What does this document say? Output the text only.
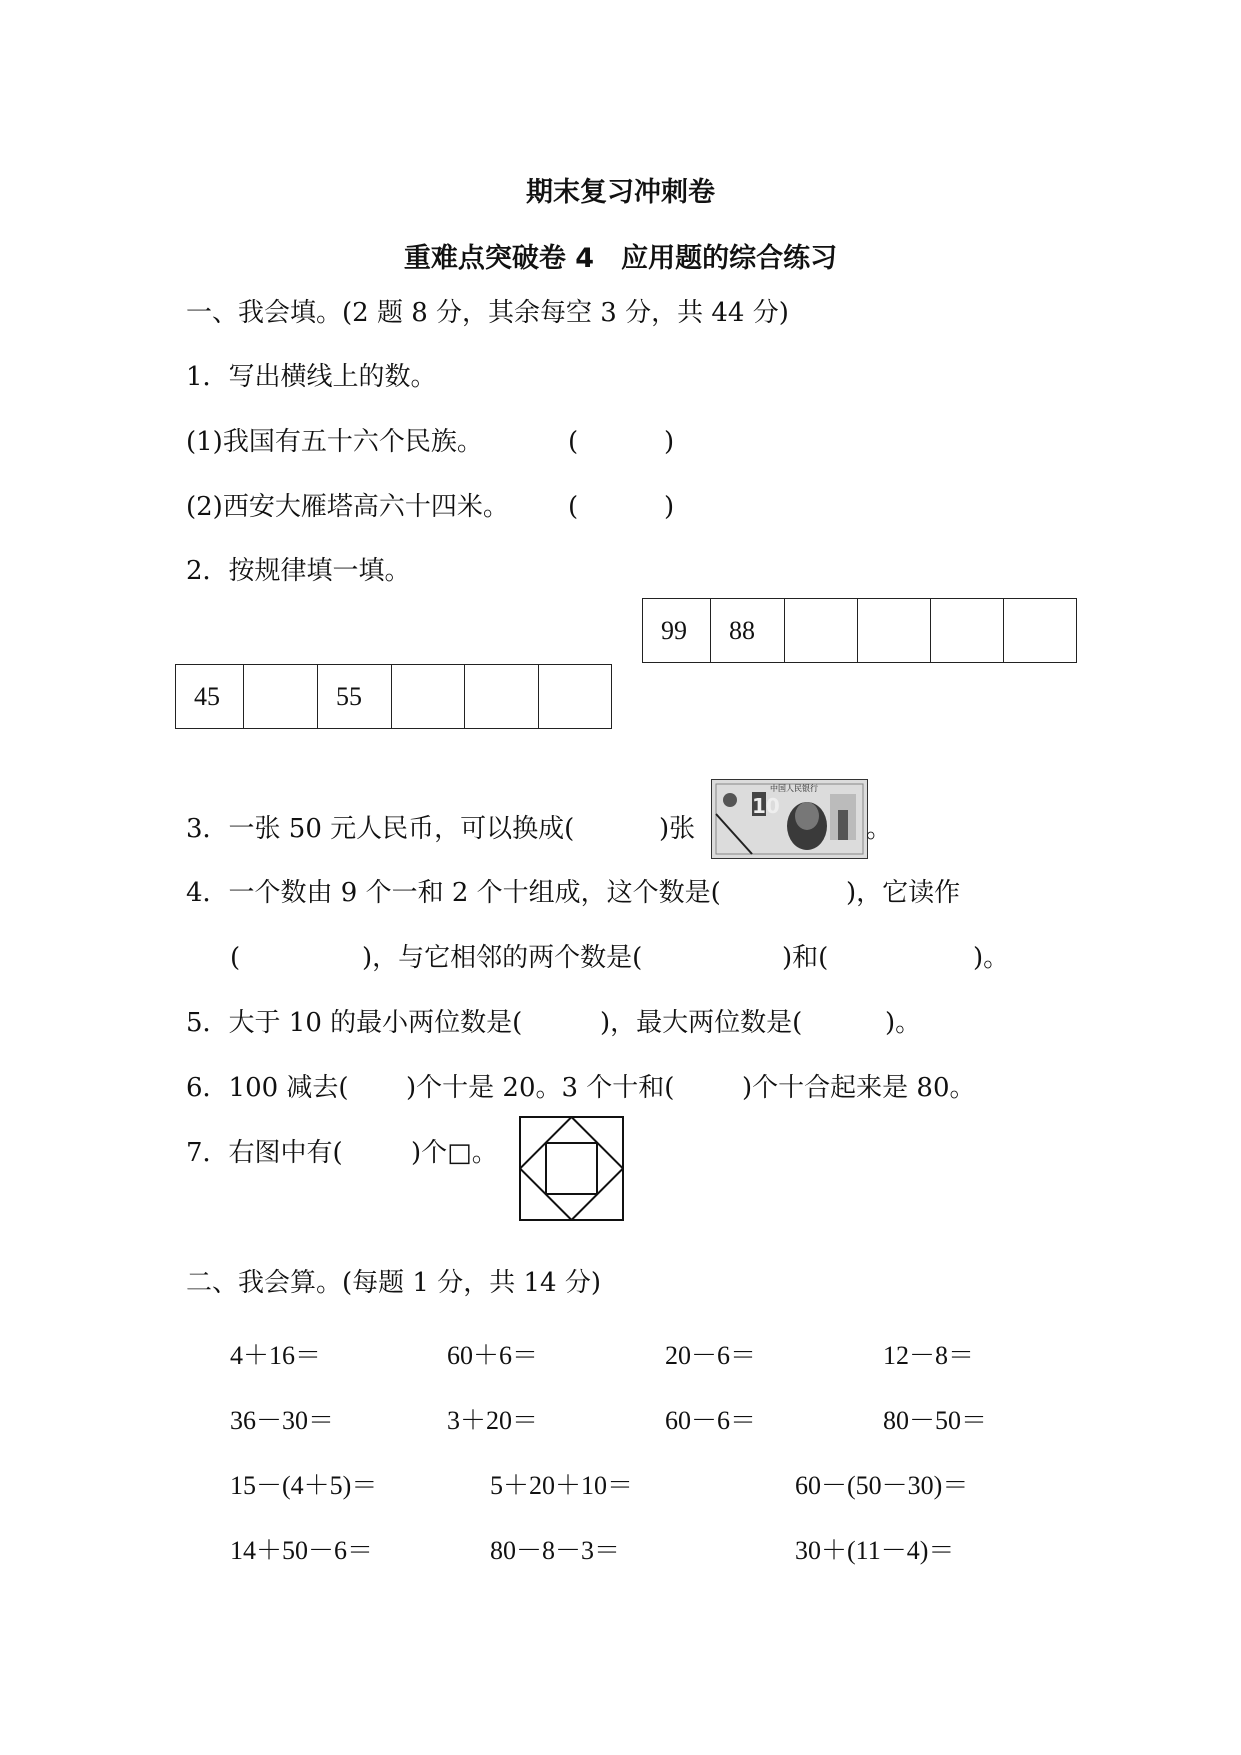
期末复习冲刺卷
重难点突破卷 4　应用题的综合练习
一、我会填。(2 题 8 分，其余每空 3 分，共 44 分)
1．写出横线上的数。
(1)我国有五十六个民族。	(	)
(2)西安大雁塔高六十四米。 (	)
2．按规律填一填。
99	88				
45		55			
3．一张 50 元人民币，可以换成(	)张
中国人民银行
10
。
4．一个数由 9 个一和 2 个十组成，这个数是(	)，它读作
(	)，与它相邻的两个数是(	)和(	)。
5．大于 10 的最小两位数是(	)，最大两位数是(	)。
6．100 减去( )个十是 20。3 个十和(	)个十合起来是 80。
7．右图中有(	)个□。
二、我会算。(每题 1 分，共 14 分)
4＋16＝	60＋6＝	20－6＝	12－8＝
36－30＝	3＋20＝	60－6＝	80－50＝
15－(4＋5)＝	5＋20＋10＝	60－(50－30)＝
14＋50－6＝	80－8－3＝	30＋(11－4)＝
